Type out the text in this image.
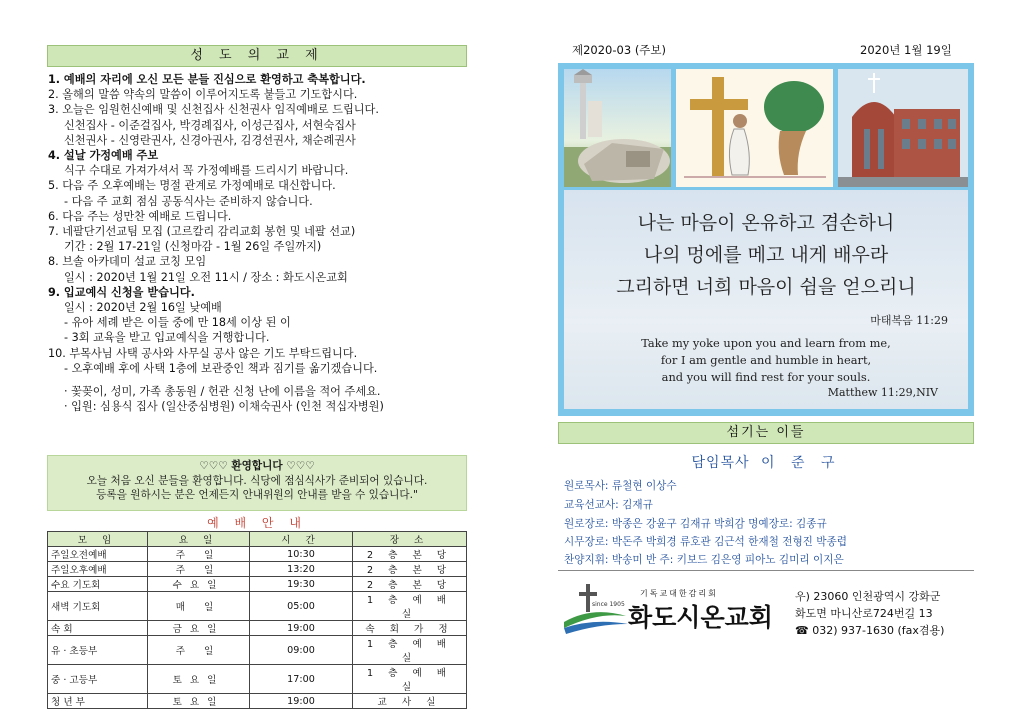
성 도 의 교 제
1. 예배의 자리에 오신 모든 분들 진심으로 환영하고 축복합니다.
2. 올해의 말씀 약속의 말씀이 이루어지도록 붙들고 기도합시다.
3. 오늘은 임원헌신예배 및 신천집사 신천권사 임직예배로 드립니다.
신천집사 - 이준걸집사, 박경례집사, 이성근집사, 서현숙집사
신천권사 - 신영란권사, 신경아권사, 김경선권사, 채순례권사
4. 설날 가정예배 주보
식구 수대로 가져가셔서 꼭 가정예배를 드리시기 바랍니다.
5. 다음 주 오후예배는 명절 관계로 가정예배로 대신합니다.
- 다음 주 교회 점심 공동식사는 준비하지 않습니다.
6. 다음 주는 성만찬 예배로 드립니다.
7. 네팔단기선교팀 모집 (고르칼리 감리교회 봉헌 및 네팔 선교)
기간 : 2월 17-21일 (신청마감 - 1월 26일 주일까지)
8. 브솔 아카데미 설교 코칭 모임
일시 : 2020년 1월 21일 오전 11시 / 장소 : 화도시온교회
9. 입교예식 신청을 받습니다.
일시 : 2020년 2월 16일 낮예배
- 유아 세례 받은 이들 중에 만 18세 이상 된 이
- 3회 교육을 받고 입교예식을 거행합니다.
10. 부목사님 사택 공사와 사무실 공사 않은 기도 부탁드립니다.
- 오후예배 후에 사택 1층에 보관중인 책과 짐기를 옮기겠습니다.
· 꽃꽂이, 성미, 가족 총동원 / 헌관 신청 난에 이름을 적어 주세요.
· 입원: 심용식 집사 (일산중심병원) 이채숙권사 (인천 적십자병원)
♡♡♡ 환영합니다 ♡♡♡
오늘 처음 오신 분들을 환영합니다. 식당에 점심식사가 준비되어 있습니다.
등록을 원하시는 분은 언제든지 안내위원의 안내를 받을 수 있습니다."
예 배 안 내
모 임	요 일	시 간	장 소
주일오전예배	주 일	10:30	2 층 본 당
주일오후예배	주 일	13:20	2 층 본 당
수요 기도회	수요일	19:30	2 층 본 당
새벽 기도회	매 일	05:00	1 층 예 배 실
속 회	금요일	19:00	속 회 가 정
유 · 초등부	주 일	09:00	1 층 예 배 실
중 · 고등부	토요일	17:00	1 층 예 배 실
청 년 부	토요일	19:00	교 사 실
제2020-03 (주보)	2020년 1월 19일
나는 마음이 온유하고 겸손하니
나의 멍에를 메고 내게 배우라
그리하면 너희 마음이 쉼을 얻으리니
마태복음 11:29
Take my yoke upon you and learn from me,
for I am gentle and humble in heart,
and you will find rest for your souls.
Matthew 11:29,NIV
섬기는 이들
담임목사 이 준 구
원로목사: 류철현 이상수
교육선교사: 김재규
원로장로: 박종은 강윤구 김재규 박희감 명예장로: 김종규
시무장로: 박돈주 박희경 류호관 김근석 한재철 전형진 박종렵
찬양지휘: 박송미 반 주: 키보드 김은영 피아노 김미리 이지은
since 1905
기독교대한감리회
화도시온교회
우) 23060 인천광역시 강화군
화도면 마니산로724번길 13
☎ 032) 937-1630 (fax겸용)
